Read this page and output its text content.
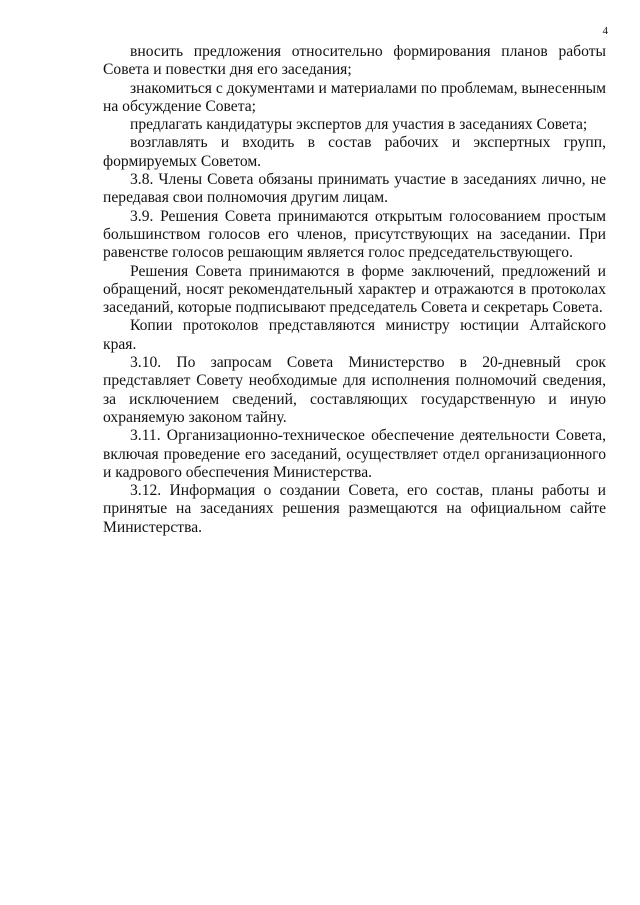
4

вносить предложения относительно формирования планов работы Совета и повестки дня его заседания;

знакомиться с документами и материалами по проблемам, вынесенным на обсуждение Совета;

предлагать кандидатуры экспертов для участия в заседаниях Совета;

возглавлять и входить в состав рабочих и экспертных групп, формируемых Советом.

3.8. Члены Совета обязаны принимать участие в заседаниях лично, не передавая свои полномочия другим лицам.

3.9. Решения Совета принимаются открытым голосованием простым большинством голосов его членов, присутствующих на заседании. При равенстве голосов решающим является голос председательствующего.

Решения Совета принимаются в форме заключений, предложений и обращений, носят рекомендательный характер и отражаются в протоколах заседаний, которые подписывают председатель Совета и секретарь Совета.

Копии протоколов представляются министру юстиции Алтайского края.

3.10. По запросам Совета Министерство в 20-дневный срок представляет Совету необходимые для исполнения полномочий сведения, за исключением сведений, составляющих государственную и иную охраняемую законом тайну.

3.11. Организационно-техническое обеспечение деятельности Совета, включая проведение его заседаний, осуществляет отдел организационного и кадрового обеспечения Министерства.

3.12. Информация о создании Совета, его состав, планы работы и принятые на заседаниях решения размещаются на официальном сайте Министерства.
